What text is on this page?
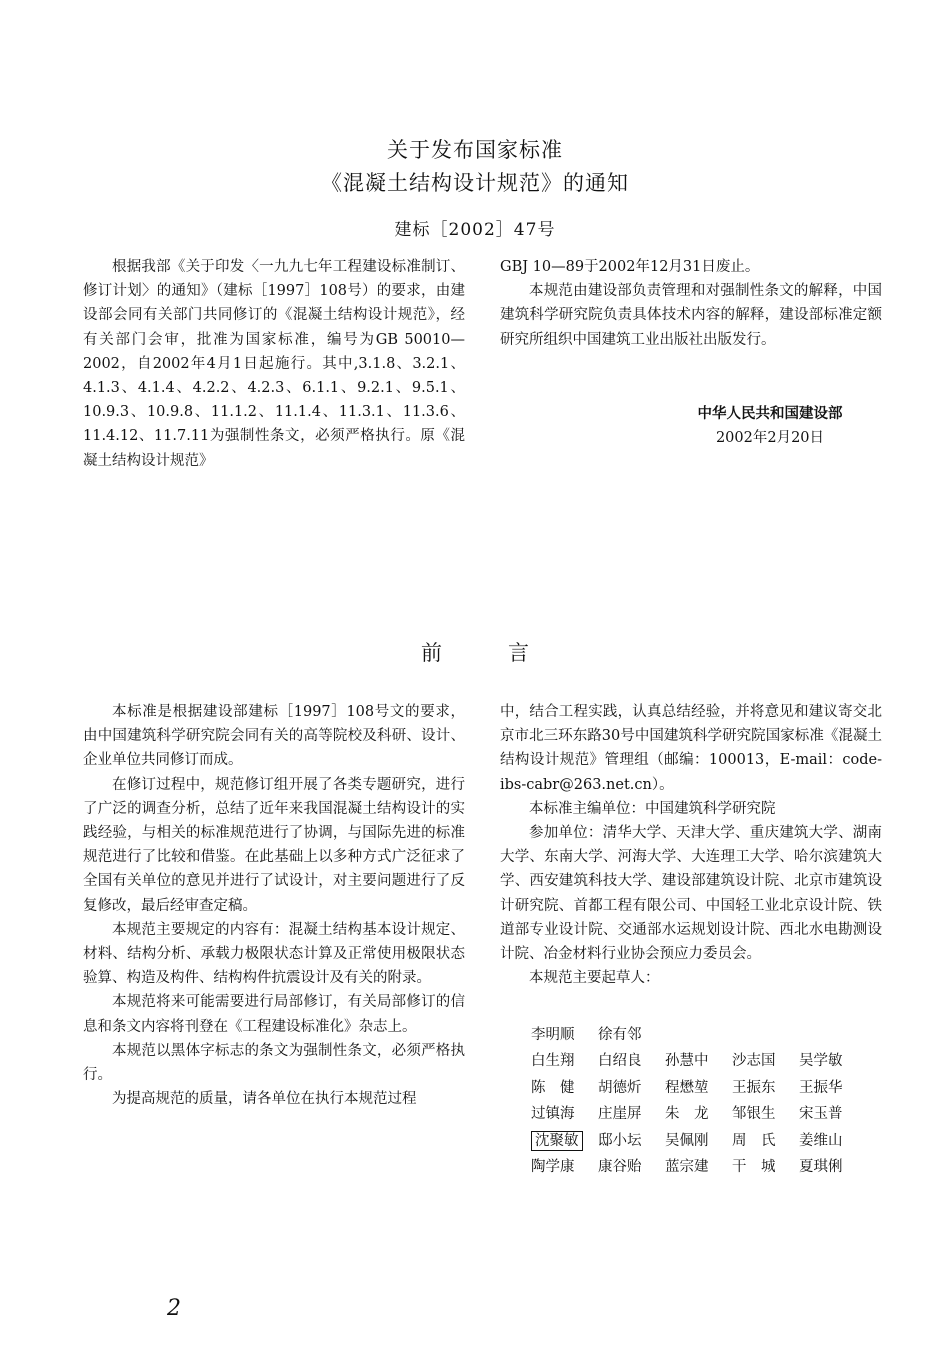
关于发布国家标准
《混凝土结构设计规范》的通知
建标［2002］47号

根据我部《关于印发〈一九九七年工程建设标准制订、修订计划〉的通知》（建标［1997］108号）的要求，由建设部会同有关部门共同修订的《混凝土结构设计规范》，经有关部门会审，批准为国家标准，编号为GB 50010—2002，自2002年4月1日起施行。其中,3.1.8、3.2.1、4.1.3、4.1.4、4.2.2、4.2.3、6.1.1、9.2.1、9.5.1、10.9.3、10.9.8、11.1.2、11.1.4、11.3.1、11.3.6、11.4.12、11.7.11为强制性条文，必须严格执行。原《混凝土结构设计规范》

GBJ 10—89于2002年12月31日废止。

本规范由建设部负责管理和对强制性条文的解释，中国建筑科学研究院负责具体技术内容的解释，建设部标准定额研究所组织中国建筑工业出版社出版发行。

中华人民共和国建设部
2002年2月20日
前	言

本标准是根据建设部建标［1997］108号文的要求，由中国建筑科学研究院会同有关的高等院校及科研、设计、企业单位共同修订而成。

在修订过程中，规范修订组开展了各类专题研究，进行了广泛的调查分析，总结了近年来我国混凝土结构设计的实践经验，与相关的标准规范进行了协调，与国际先进的标准规范进行了比较和借鉴。在此基础上以多种方式广泛征求了全国有关单位的意见并进行了试设计，对主要问题进行了反复修改，最后经审查定稿。

本规范主要规定的内容有：混凝土结构基本设计规定、材料、结构分析、承载力极限状态计算及正常使用极限状态验算、构造及构件、结构构件抗震设计及有关的附录。

本规范将来可能需要进行局部修订，有关局部修订的信息和条文内容将刊登在《工程建设标准化》杂志上。

本规范以黑体字标志的条文为强制性条文，必须严格执行。

为提高规范的质量，请各单位在执行本规范过程

中，结合工程实践，认真总结经验，并将意见和建议寄交北京市北三环东路30号中国建筑科学研究院国家标准《混凝土结构设计规范》管理组（邮编：100013，E-mail：code-ibs-cabr@263.net.cn）。

本标准主编单位：中国建筑科学研究院

参加单位：清华大学、天津大学、重庆建筑大学、湖南大学、东南大学、河海大学、大连理工大学、哈尔滨建筑大学、西安建筑科技大学、建设部建筑设计院、北京市建筑设计研究院、首都工程有限公司、中国轻工业北京设计院、铁道部专业设计院、交通部水运规划设计院、西北水电勘测设计院、冶金材料行业协会预应力委员会。

本规范主要起草人：

李明顺	徐有邻
白生翔	白绍良	孙慧中	沙志国	吴学敏
陈　健	胡德炘	程懋堃	王振东	王振华
过镇海	庄崖屏	朱　龙	邹银生	宋玉普
沈聚敏	邸小坛	吴佩刚	周　氏	姜维山
陶学康	康谷贻	蓝宗建	干　城	夏琪俐
2
